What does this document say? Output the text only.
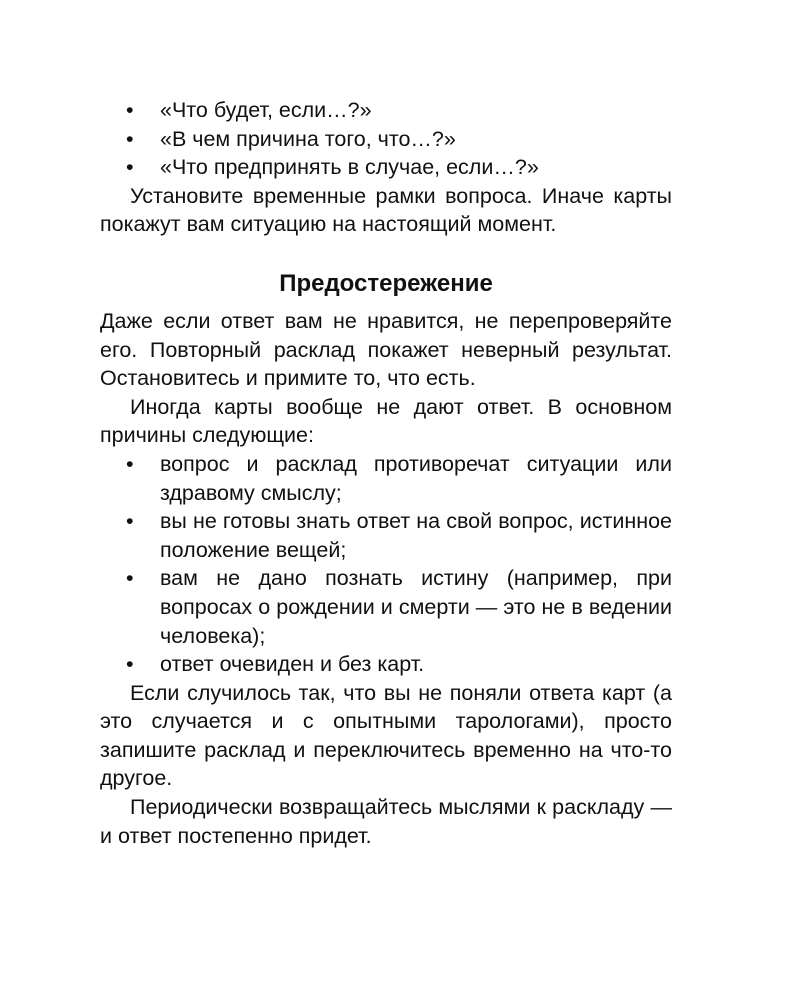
• «Что будет, если…?»
• «В чем причина того, что…?»
• «Что предпринять в случае, если…?»

Установите временные рамки вопроса. Иначе карты покажут вам ситуацию на настоящий момент.

Предостережение

Даже если ответ вам не нравится, не перепроверяйте его. Повторный расклад покажет неверный результат. Остановитесь и примите то, что есть.

Иногда карты вообще не дают ответ. В основном причины следующие:

• вопрос и расклад противоречат ситуации или здравому смыслу;
• вы не готовы знать ответ на свой вопрос, истинное положение вещей;
• вам не дано познать истину (например, при вопросах о рождении и смерти — это не в ведении человека);
• ответ очевиден и без карт.

Если случилось так, что вы не поняли ответа карт (а это случается и с опытными тарологами), просто запишите расклад и переключитесь временно на что-то другое.

Периодически возвращайтесь мыслями к раскладу — и ответ постепенно придет.
